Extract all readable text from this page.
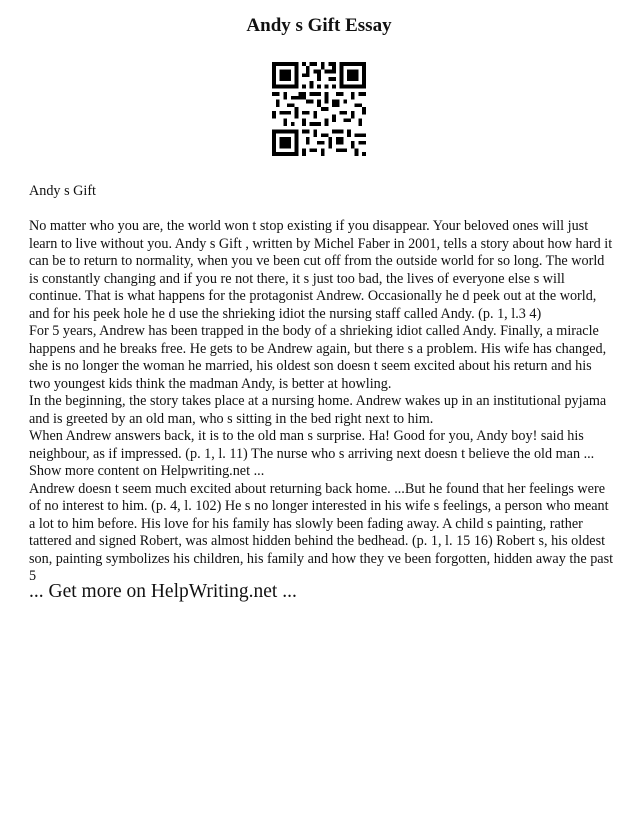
Andy s Gift Essay
Andy s Gift
No matter who you are, the world won t stop existing if you disappear. Your beloved ones will just learn to live without you. Andy s Gift , written by Michel Faber in 2001, tells a story about how hard it can be to return to normality, when you ve been cut off from the outside world for so long. The world is constantly changing and if you re not there, it s just too bad, the lives of everyone else s will continue. That is what happens for the protagonist Andrew. Occasionally he d peek out at the world, and for his peek hole he d use the shrieking idiot the nursing staff called Andy. (p. 1, l.3 4)
For 5 years, Andrew has been trapped in the body of a shrieking idiot called Andy. Finally, a miracle happens and he breaks free. He gets to be Andrew again, but there s a problem. His wife has changed, she is no longer the woman he married, his oldest son doesn t seem excited about his return and his two youngest kids think the madman Andy, is better at howling.
In the beginning, the story takes place at a nursing home. Andrew wakes up in an institutional pyjama and is greeted by an old man, who s sitting in the bed right next to him.
When Andrew answers back, it is to the old man s surprise. Ha! Good for you, Andy boy! said his neighbour, as if impressed. (p. 1, l. 11) The nurse who s arriving next doesn t believe the old man ...
Show more content on Helpwriting.net ...
Andrew doesn t seem much excited about returning back home. ...But he found that her feelings were of no interest to him. (p. 4, l. 102) He s no longer interested in his wife s feelings, a person who meant a lot to him before. His love for his family has slowly been fading away. A child s painting, rather tattered and signed Robert, was almost hidden behind the bedhead. (p. 1, l. 15 16) Robert s, his oldest son, painting symbolizes his children, his family and how they ve been forgotten, hidden away the past 5
... Get more on HelpWriting.net ...
